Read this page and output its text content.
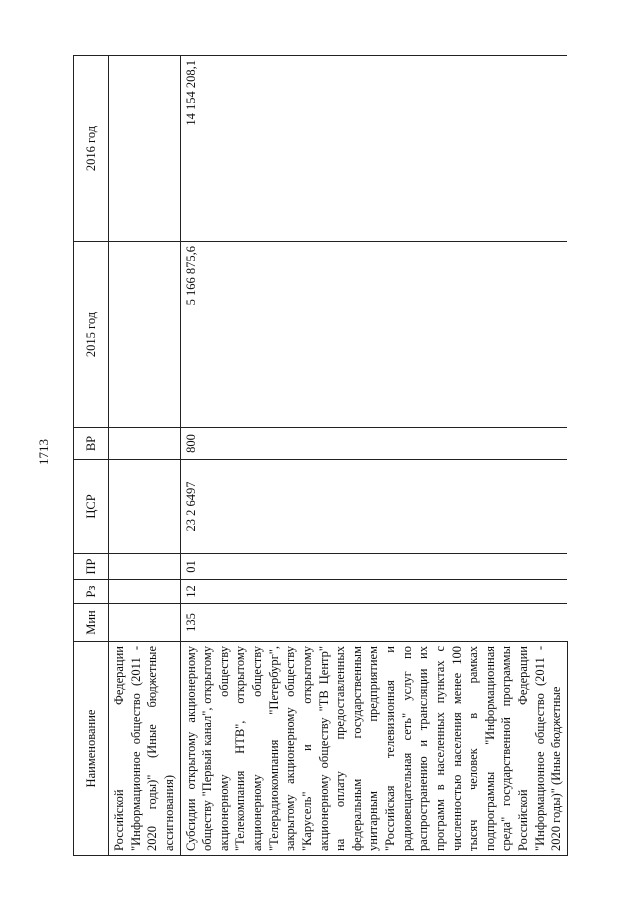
1713
Наименование	Мин	Рз	ПР	ЦСР	ВР	2015 год	2016 год
Российской Федерации "Информационное общество (2011 - 2020 годы)" (Иные бюджетные ассигнования)							
Субсидии открытому акционерному обществу "Первый канал", открытому акционерному обществу "Телекомпания НТВ", открытому акционерному обществу "Телерадиокомпания "Петербург", закрытому акционерному обществу "Карусель" и открытому акционерному обществу "ТВ Центр" на оплату предоставленных федеральным государственным унитарным предприятием "Российская телевизионная и радиовещательная сеть" услуг по распространению и трансляции их программ в населенных пунктах с численностью населения менее 100 тысяч человек в рамках подпрограммы "Информационная среда" государственной программы Российской Федерации "Информационное общество (2011 - 2020 годы)" (Иные бюджетные	135	12	01	23 2 6497	800	5 166 875,6	14 154 208,1
